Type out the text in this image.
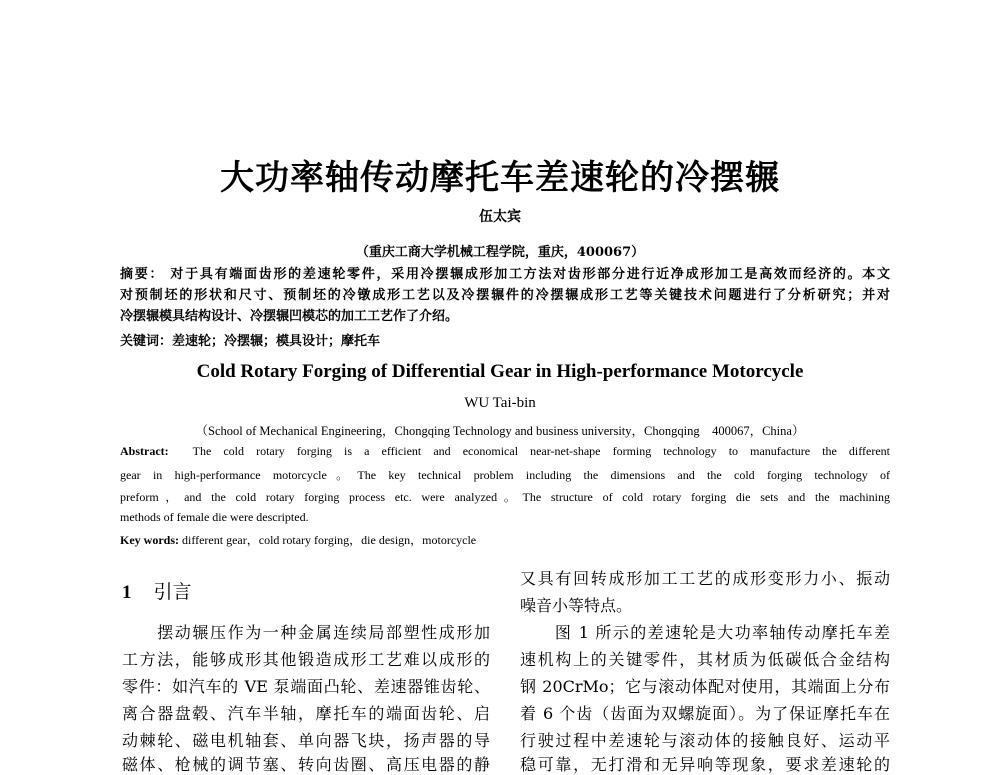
大功率轴传动摩托车差速轮的冷摆辗
伍太宾
（重庆工商大学机械工程学院，重庆，400067）
摘要： 对于具有端面齿形的差速轮零件，采用冷摆辗成形加工方法对齿形部分进行近净成形加工是高效而经济的。本文
对预制坯的形状和尺寸、预制坯的冷镦成形工艺以及冷摆辗件的冷摆辗成形工艺等关键技术问题进行了分析研究；并对
冷摆辗模具结构设计、冷摆辗凹模芯的加工工艺作了介绍。
关键词：差速轮；冷摆辗；模具设计；摩托车
Cold Rotary Forging of Differential Gear in High-performance Motorcycle
WU Tai-bin
（School of Mechanical Engineering，Chongqing Technology and business university，Chongqing　400067，China）
Abstract: The cold rotary forging is a efficient and economical near-net-shape forming technology to manufacture the different
gear in high-performance motorcycle。The key technical problem including the dimensions and the cold forging technology of
preform，and the cold rotary forging process etc. were analyzed。The structure of cold rotary forging die sets and the machining
methods of female die were descripted.
Key words: different gear，cold rotary forging，die design，motorcycle
1 引言
　　摆动辗压作为一种金属连续局部塑性成形加
工方法，能够成形其他锻造成形工艺难以成形的
零件：如汽车的 VE 泵端面凸轮、差速器锥齿轮、
离合器盘毂、汽车半轴，摩托车的端面齿轮、启
动棘轮、磁电机轴套、单向器飞块，扬声器的导
磁体、枪械的调节塞、转向齿圈、高压电器的静
又具有回转成形加工工艺的成形变形力小、振动
噪音小等特点。
　　图 1 所示的差速轮是大功率轴传动摩托车差
速机构上的关键零件，其材质为低碳低合金结构
钢 20CrMo；它与滚动体配对使用，其端面上分布
着 6 个齿（齿面为双螺旋面）。为了保证摩托车在
行驶过程中差速轮与滚动体的接触良好、运动平
稳可靠，无打滑和无异响等现象，要求差速轮的
